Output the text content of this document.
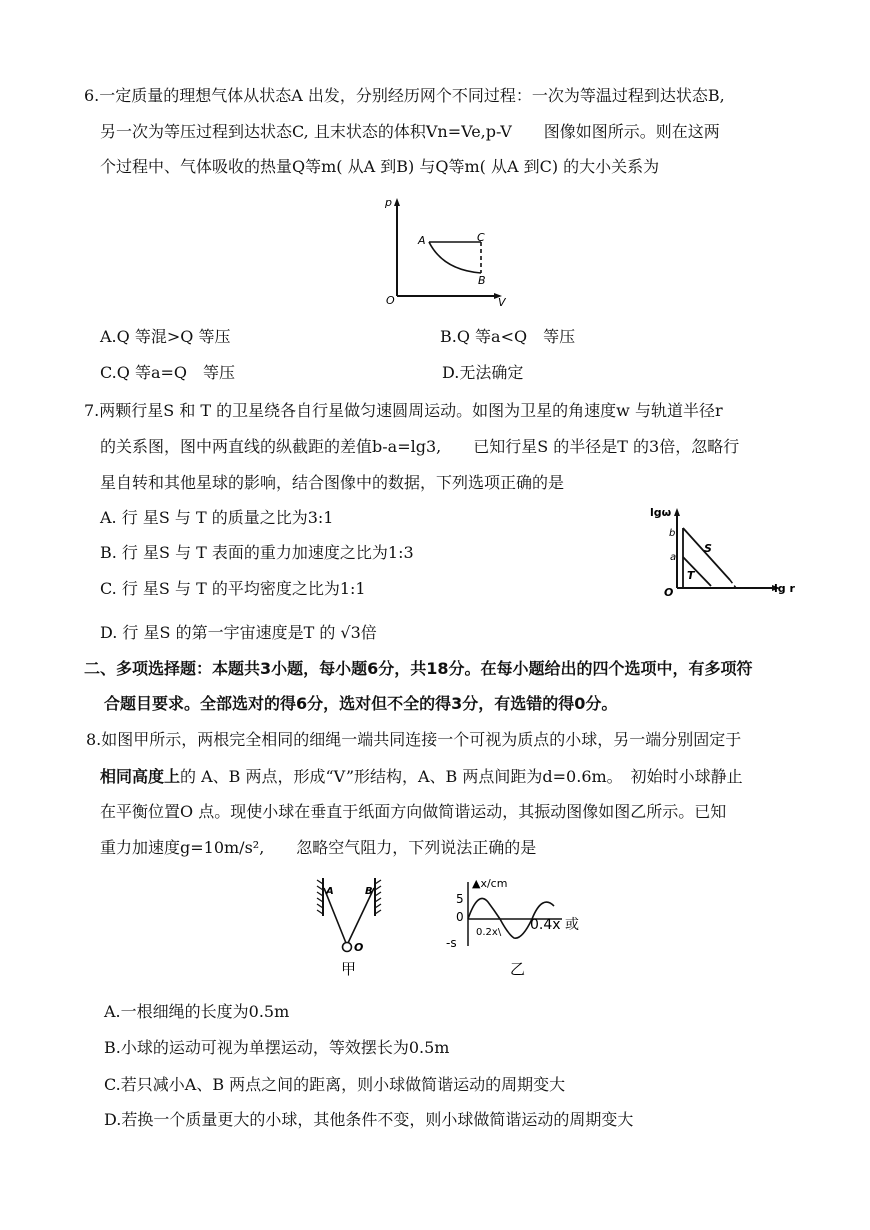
6.一定质量的理想气体从状态A 出发，分别经历网个不同过程：一次为等温过程到达状态B,
另一次为等压过程到达状态C, 且末状态的体积Vn=Ve,p-V　　图像如图所示。则在这两
个过程中、气体吸收的热量Q等m( 从A 到B) 与Q等m( 从A 到C) 的大小关系为
p
V
O
A
B
C
A.Q 等混>Q 等压	B.Q 等a<Q　等压
C.Q 等a=Q　等压	D.无法确定
7.两颗行星S 和 T 的卫星绕各自行星做匀速圆周运动。如图为卫星的角速度w 与轨道半径r
的关系图，图中两直线的纵截距的差值b-a=lg3,　　已知行星S 的半径是T 的3倍，忽略行
星自转和其他星球的影响，结合图像中的数据，下列选项正确的是
A. 行 星S 与 T 的质量之比为3:1
B. 行 星S 与 T 表面的重力加速度之比为1:3
C. 行 星S 与 T 的平均密度之比为1:1
D. 行 星S 的第一宇宙速度是T 的 √3倍
lgω
lg r
O
b
a
S
T
二、多项选择题：本题共3小题，每小题6分，共18分。在每小题给出的四个选项中，有多项符
合题目要求。全部选对的得6分，选对但不全的得3分，有选错的得0分。
8.如图甲所示，两根完全相同的细绳一端共同连接一个可视为质点的小球，另一端分别固定于
相同高度上的 A、B 两点，形成“V”形结构，A、B 两点间距为d=0.6m。　初始时小球静止
在平衡位置O 点。现使小球在垂直于纸面方向做简谐运动，其振动图像如图乙所示。已知
重力加速度g=10m/s²,　　忽略空气阻力，下列说法正确的是
A	B
O
甲
▲x/cm
5
0
-s
0.2x\ 0.4x 或
乙
A.一根细绳的长度为0.5m
B.小球的运动可视为单摆运动，等效摆长为0.5m
C.若只减小A、B 两点之间的距离，则小球做简谐运动的周期变大
D.若换一个质量更大的小球，其他条件不变，则小球做简谐运动的周期变大
